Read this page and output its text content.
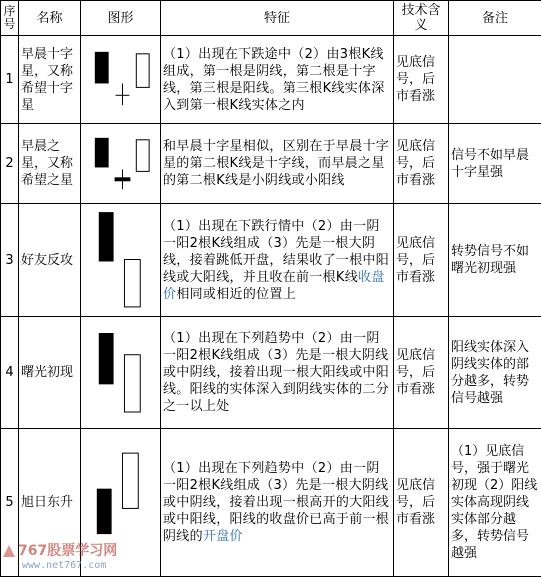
序号	名称	图形	特征	技术含义	备注
1	早晨十字星，又称希望十字星		（1）出现在下跌途中（2）由3根K线组成，第一根是阴线，第二根是十字线，第三根是阳线。第三根K线实体深入到第一根K线实体之内	见底信号，后市看涨	
2	早晨之星，又称希望之星		和早晨十字星相似，区别在于早晨十字星的第二根K线是十字线，而早晨之星的第二根K线是小阴线或小阳线	见底信号，后市看涨	信号不如早晨十字星强
3	好友反攻		（1）出现在下跌行情中（2）由一阴一阳2根K线组成（3）先是一根大阴线，接着跳低开盘，结果收了一根中阳线或大阳线，并且收在前一根K线收盘价相同或相近的位置上	见底信号，后市看涨	转势信号不如曙光初现强
4	曙光初现		（1）出现在下列趋势中（2）由一阴一阳2根K线组成（3）先是一根大阴线或中阴线，接着出现一根大阳线或中阳线。阳线的实体深入到阴线实体的二分之一以上处	见底信号，后市看涨	阳线实体深入阴线实体的部分越多，转势信号越强
5	旭日东升		（1）出现在下列趋势中（2）由一阴一阳2根K线组成（3）先是一根大阴线或中阴线，接着出现一根高开的大阳线或中阳线，阳线的收盘价已高于前一根阴线的开盘价	见底信号，后市看涨	（1）见底信号，强于曙光初现（2）阳线实体高现阴线实体部分越多，转势信号越强
767股票学习网
www.net767.com
